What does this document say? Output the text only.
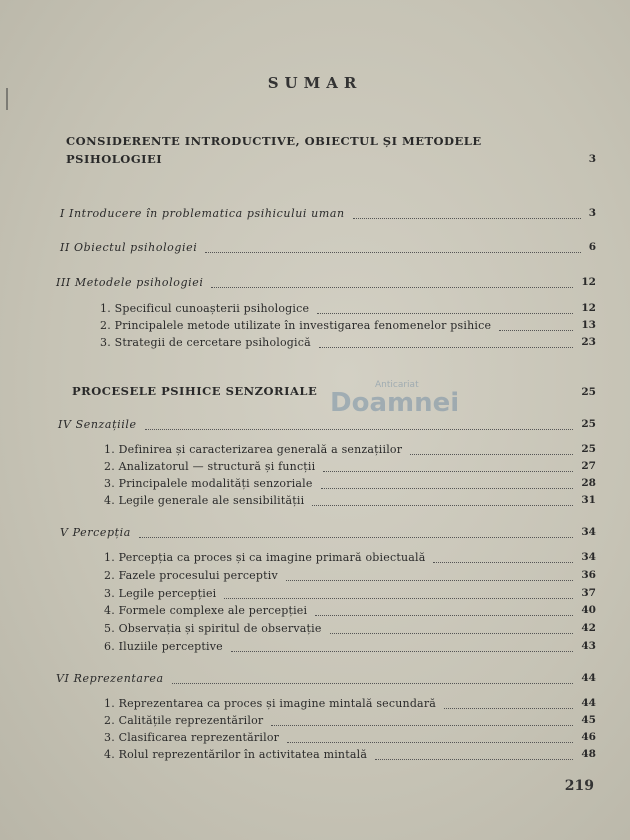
SUMAR
CONSIDERENTE INTRODUCTIVE, OBIECTUL ȘI METODELE
PSIHOLOGIEI	3
I Introducere în problematica psihicului uman	3
II Obiectul psihologiei	6
III Metodele psihologiei	12
1. Specificul cunoașterii psihologice	12
2. Principalele metode utilizate în investigarea fenomenelor psihice	13
3. Strategii de cercetare psihologică	23
PROCESELE PSIHICE SENZORIALE	25
IV Senzațiile	25
1. Definirea și caracterizarea generală a senzațiilor	25
2. Analizatorul — structură și funcții	27
3. Principalele modalități senzoriale	28
4. Legile generale ale sensibilității	31
V Percepția	34
1. Percepția ca proces și ca imagine primară obiectuală	34
2. Fazele procesului perceptiv	36
3. Legile percepției	37
4. Formele complexe ale percepției	40
5. Observația și spiritul de observație	42
6. Iluziile perceptive	43
VI Reprezentarea	44
1. Reprezentarea ca proces și imagine mintală secundară	44
2. Calitățile reprezentărilor	45
3. Clasificarea reprezentărilor	46
4. Rolul reprezentărilor în activitatea mintală	48
219
Anticariat
Doamnei
